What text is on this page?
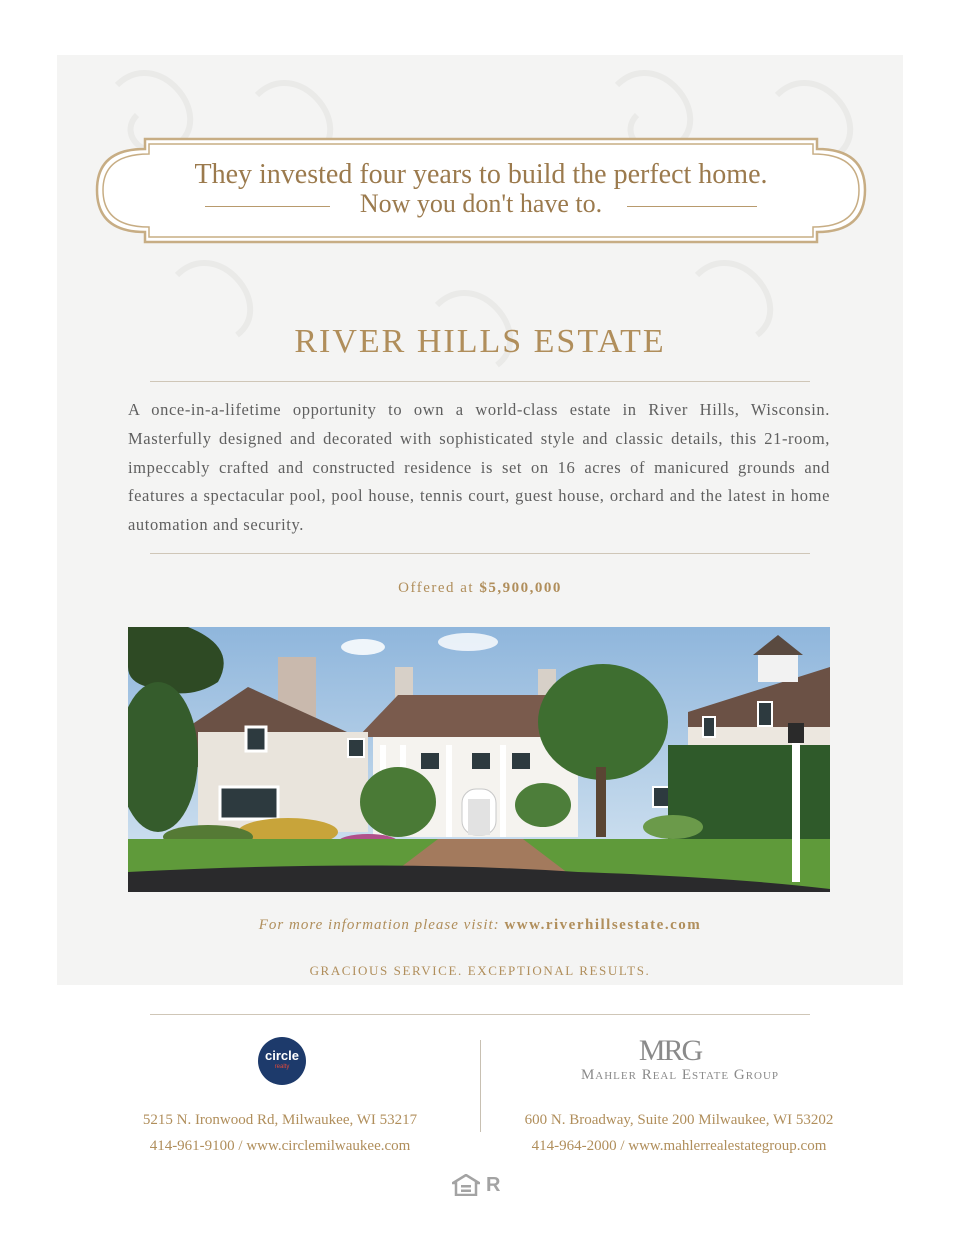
They invested four years to build the perfect home.
Now you don't have to.
RIVER HILLS ESTATE
A once-in-a-lifetime opportunity to own a world-class estate in River Hills, Wisconsin. Masterfully designed and decorated with sophisticated style and classic details, this 21-room, impeccably crafted and constructed residence is set on 16 acres of manicured grounds and features a spectacular pool, pool house, tennis court, guest house, orchard and the latest in home automation and security.
Offered at $5,900,000
For more information please visit: www.riverhillsestate.com
GRACIOUS SERVICE. EXCEPTIONAL RESULTS.
circle
realty	MRG
Mahler Real Estate Group
5215 N. Ironwood Rd, Milwaukee, WI 53217
414-961-9100 / www.circlemilwaukee.com
600 N. Broadway, Suite 200 Milwaukee, WI 53202
414-964-2000 / www.mahlerrealestategroup.com
R
